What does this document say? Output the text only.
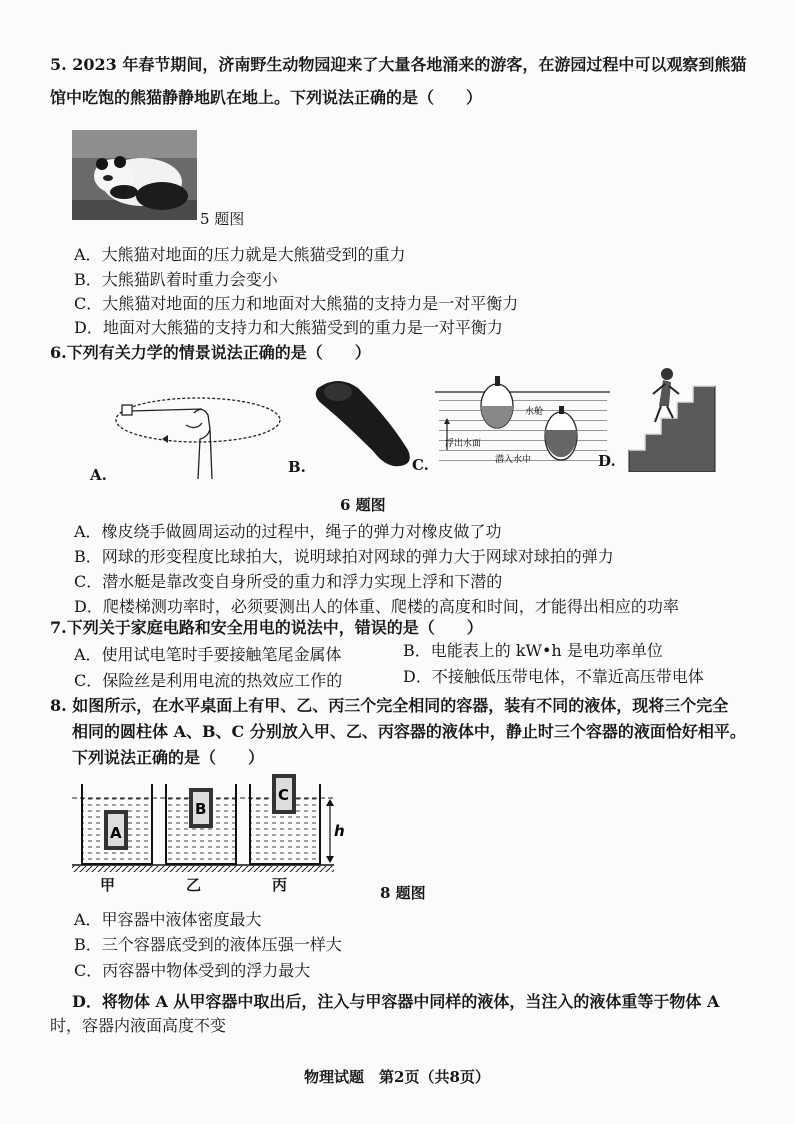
5. 2023 年春节期间，济南野生动物园迎来了大量各地涌来的游客，在游园过程中可以观察到熊猫
馆中吃饱的熊猫静静地趴在地上。下列说法正确的是（　　）
5 题图
A．大熊猫对地面的压力就是大熊猫受到的重力
B．大熊猫趴着时重力会变小
C．大熊猫对地面的压力和地面对大熊猫的支持力是一对平衡力
D．地面对大熊猫的支持力和大熊猫受到的重力是一对平衡力
6.下列有关力学的情景说法正确的是（　　）
A.	B.
水舱
浮出水面
潜入水中
C.	D.
6 题图
A．橡皮绕手做圆周运动的过程中，绳子的弹力对橡皮做了功
B．网球的形变程度比球拍大，说明球拍对网球的弹力大于网球对球拍的弹力
C．潜水艇是靠改变自身所受的重力和浮力实现上浮和下潜的
D．爬楼梯测功率时，必须要测出人的体重、爬楼的高度和时间，才能得出相应的功率
7.下列关于家庭电路和安全用电的说法中，错误的是（　　）
A．使用试电笔时手要接触笔尾金属体	B．电能表上的 kW•h 是电功率单位
C．保险丝是利用电流的热效应工作的	D．不接触低压带电体，不靠近高压带电体
8. 如图所示，在水平桌面上有甲、乙、丙三个完全相同的容器，装有不同的液体，现将三个完全
相同的圆柱体 A、B、C 分别放入甲、乙、丙容器的液体中，静止时三个容器的液面恰好相平。
下列说法正确的是（　　）
A
B
C
h
甲	乙	丙	8 题图
A．甲容器中液体密度最大
B．三个容器底受到的液体压强一样大
C．丙容器中物体受到的浮力最大
D．将物体 A 从甲容器中取出后，注入与甲容器中同样的液体，当注入的液体重等于物体 A
时，容器内液面高度不变
物理试题　第2页（共8页）
